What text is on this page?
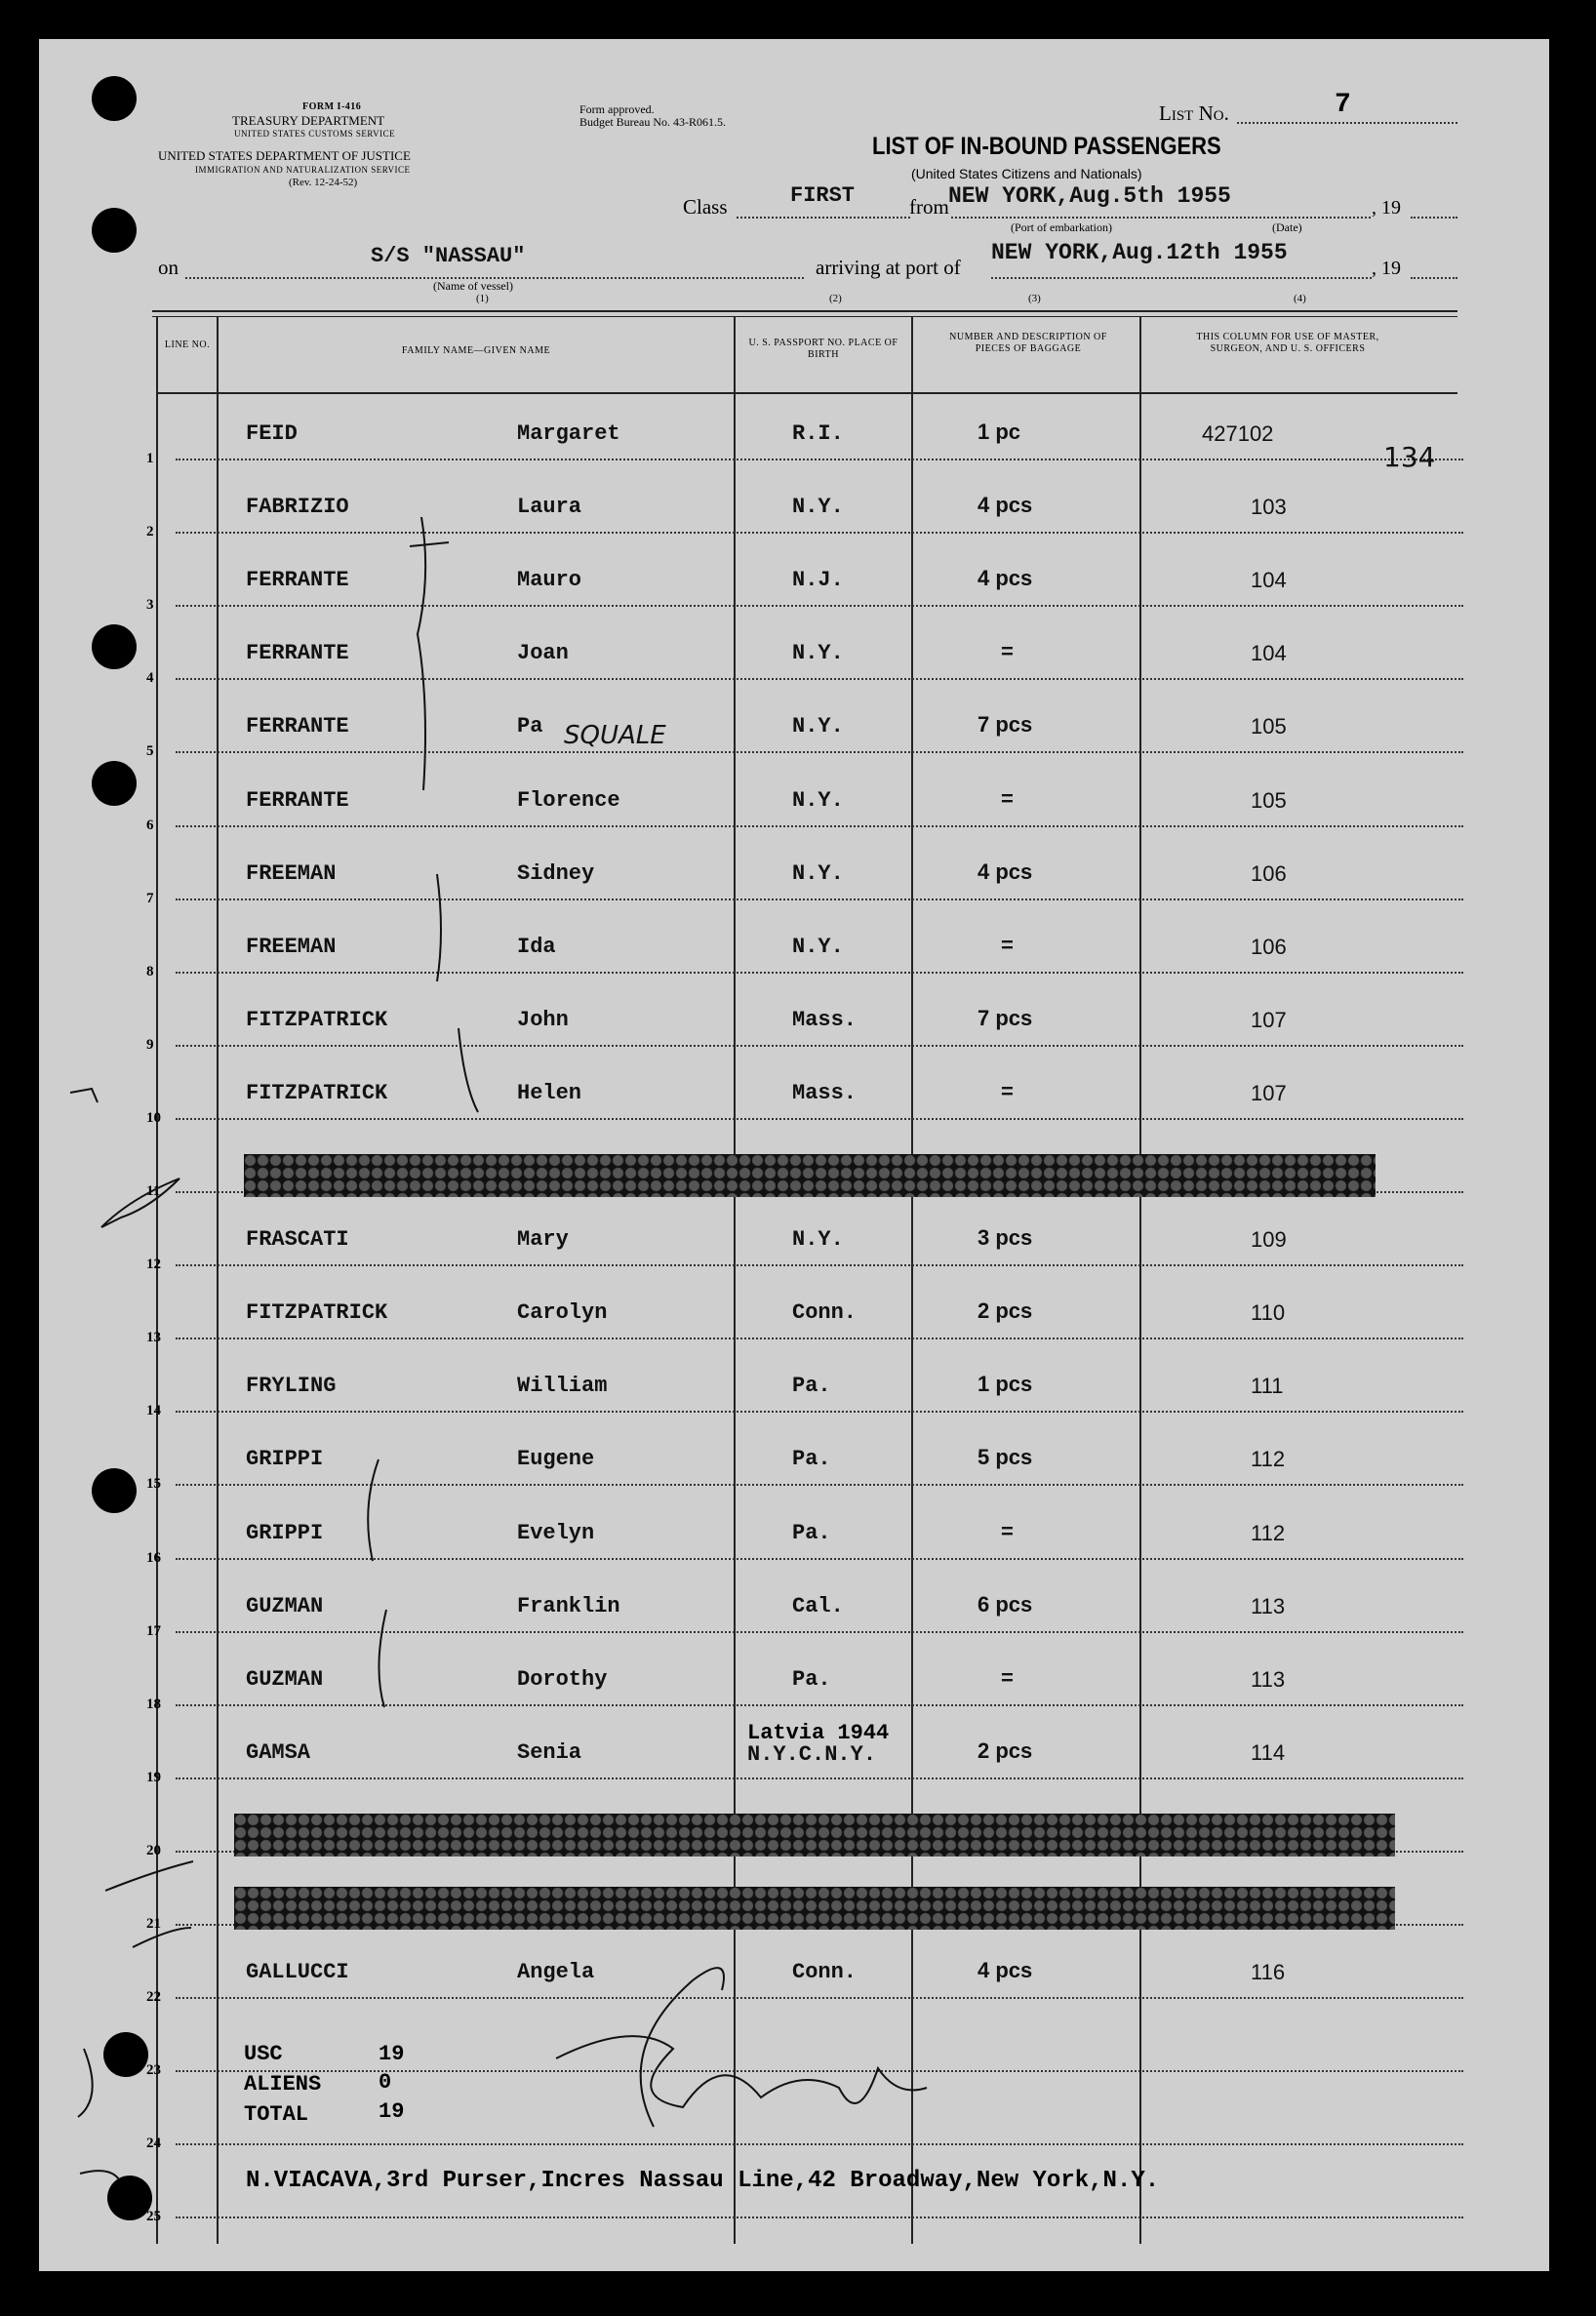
FORM I-416
TREASURY DEPARTMENT
UNITED STATES CUSTOMS SERVICE
UNITED STATES DEPARTMENT OF JUSTICE
IMMIGRATION AND NATURALIZATION SERVICE
(Rev. 12-24-52)
Form approved.
Budget Bureau No. 43-R061.5.	List No.	7
LIST OF IN-BOUND PASSENGERS
(United States Citizens and Nationals)
Class	FIRST	from NEW YORK,Aug.5th 1955	, 19
(Port of embarkation)	(Date)
on	S/S "NASSAU"
(Name of vessel)
arriving at port of
NEW YORK,Aug.12th 1955
, 19
(1)	(2)	(3)	(4)
LINE NO.
FAMILY NAME—GIVEN NAME
U. S. PASSPORT NO. PLACE OF BIRTH
NUMBER AND DESCRIPTION OF PIECES OF BAGGAGE
THIS COLUMN FOR USE OF MASTER, SURGEON, AND U. S. OFFICERS
1
FEID	Margaret	R.I.	1 pc	427102
2
FABRIZIO	Laura	N.Y.	4 pcs	103
3
FERRANTE	Mauro	N.J.	4 pcs	104
4
FERRANTE	Joan	N.Y.	=	104
5
FERRANTE	Pa	N.Y.	7 pcs	105
6
FERRANTE	Florence	N.Y.	=	105
7
FREEMAN	Sidney	N.Y.	4 pcs	106
8
FREEMAN	Ida	N.Y.	=	106
9
FITZPATRICK	John	Mass.	7 pcs	107
10
FITZPATRICK	Helen	Mass.	=	107
11
12
FRASCATI	Mary	N.Y.	3 pcs	109
13
FITZPATRICK	Carolyn	Conn.	2 pcs	110
14
FRYLING	William	Pa.	1 pcs	111
15
GRIPPI	Eugene	Pa.	5 pcs	112
16
GRIPPI	Evelyn	Pa.	=	112
17
GUZMAN	Franklin	Cal.	6 pcs	113
18
GUZMAN	Dorothy	Pa.	=	113
19
GAMSA	Senia	N.Y.C.N.Y.	2 pcs	114
20
21
22
GALLUCCI	Angela	Conn.	4 pcs	116
23
24
25
134
SQUALE
Latvia 1944
USC	19
ALIENS	0
TOTAL	19
N.VIACAVA,3rd Purser,Incres Nassau Line,42 Broadway,New York,N.Y.
